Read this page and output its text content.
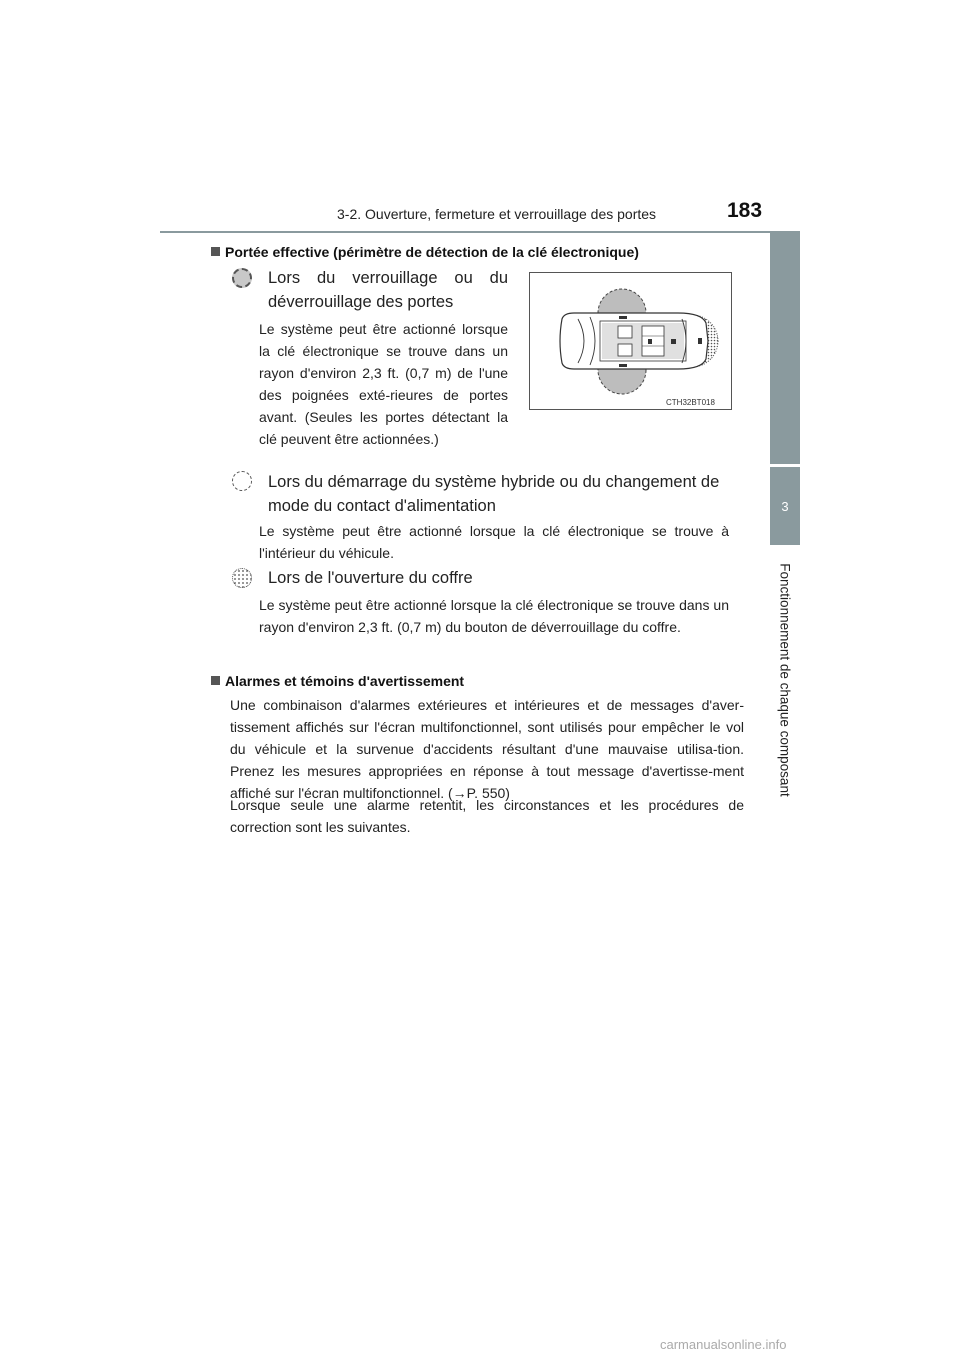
3-2. Ouverture, fermeture et verrouillage des portes	183
3
Fonctionnement de chaque composant
Portée effective (périmètre de détection de la clé électronique)
Lors du verrouillage ou du déverrouillage des portes
Le système peut être actionné lorsque la clé électronique se trouve dans un rayon d'environ 2,3 ft. (0,7 m) de l'une des poignées exté-rieures de portes avant. (Seules les portes détectant la clé peuvent être actionnées.)
CTH32BT018
Lors du démarrage du système hybride ou du changement de mode du contact d'alimentation
Le système peut être actionné lorsque la clé électronique se trouve à l'intérieur du véhicule.
Lors de l'ouverture du coffre
Le système peut être actionné lorsque la clé électronique se trouve dans un rayon d'environ 2,3 ft. (0,7 m) du bouton de déverrouillage du coffre.
Alarmes et témoins d'avertissement
Une combinaison d'alarmes extérieures et intérieures et de messages d'aver-tissement affichés sur l'écran multifonctionnel, sont utilisés pour empêcher le vol du véhicule et la survenue d'accidents résultant d'une mauvaise utilisa-tion. Prenez les mesures appropriées en réponse à tout message d'avertisse-ment affiché sur l'écran multifonctionnel. (→P. 550)
Lorsque seule une alarme retentit, les circonstances et les procédures de correction sont les suivantes.
carmanualsonline.info
